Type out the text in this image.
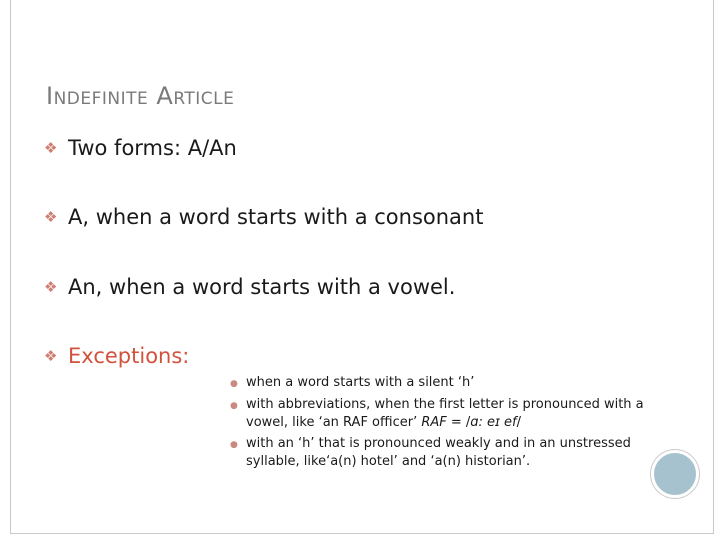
Indefinite Article
❖ Two forms: A/An
❖ A, when a word starts with a consonant
❖ An, when a word starts with a vowel.
❖ Exceptions:
● when a word starts with a silent ‘h’
● with abbreviations, when the first letter is pronounced with a vowel, like ‘an RAF officer’ RAF = /ɑ: eɪ ef/
● with an ‘h’ that is pronounced weakly and in an unstressed syllable, like‘a(n) hotel’ and ‘a(n) historian’.
